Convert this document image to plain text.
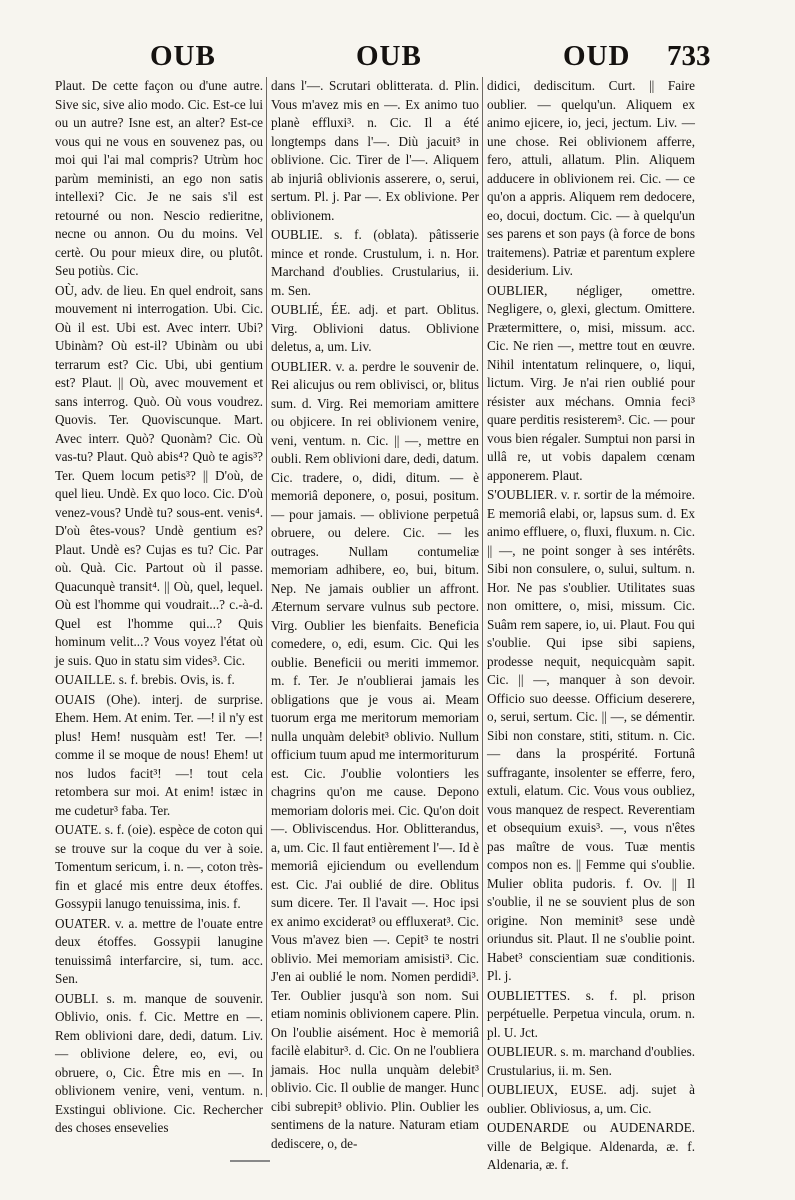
OUB	OUB	OUD 733

Plaut. De cette façon ou d'une autre. Sive sic, sive alio modo. Cic. Est-ce lui ou un autre? Isne est, an alter? Est-ce vous qui ne vous en souvenez pas, ou moi qui l'ai mal compris? Utrùm hoc parùm meministi, an ego non satis intellexi? Cic. Je ne sais s'il est retourné ou non. Nescio redieritne, necne ou annon. Ou du moins. Vel certè. Ou pour mieux dire, ou plutôt. Seu potiùs. Cic.

OÙ, adv. de lieu. En quel endroit, sans mouvement ni interrogation. Ubi. Cic. Où il est. Ubi est. Avec interr. Ubi? Ubinàm? Où est-il? Ubinàm ou ubi terrarum est? Cic. Ubi, ubi gentium est? Plaut. || Où, avec mouvement et sans interrog. Quò. Où vous voudrez. Quovis. Ter. Quoviscunque. Mart. Avec interr. Quò? Quonàm? Cic. Où vas-tu? Plaut. Quò abis⁴? Quò te agis³? Ter. Quem locum petis³? || D'où, de quel lieu. Undè. Ex quo loco. Cic. D'où venez-vous? Undè tu? sous-ent. venis⁴. D'où êtes-vous? Undè gentium es? Plaut. Undè es? Cujas es tu? Cic. Par où. Quà. Cic. Partout où il passe. Quacunquè transit⁴. || Où, quel, lequel. Où est l'homme qui voudrait...? c.-à-d. Quel est l'homme qui...? Quis hominum velit...? Vous voyez l'état où je suis. Quo in statu sim vides³. Cic.

OUAILLE. s. f. brebis. Ovis, is. f.

OUAIS (Ohe). interj. de surprise. Ehem. Hem. At enim. Ter. —! il n'y est plus! Hem! nusquàm est! Ter. —! comme il se moque de nous! Ehem! ut nos ludos facit³! —! tout cela retombera sur moi. At enim! istæc in me cudetur³ faba. Ter.

OUATE. s. f. (oie). espèce de coton qui se trouve sur la coque du ver à soie. Tomentum sericum, i. n. —, coton très-fin et glacé mis entre deux étoffes. Gossypii lanugo tenuissima, inis. f.

OUATER. v. a. mettre de l'ouate entre deux étoffes. Gossypii lanugine tenuissimâ interfarcire, si, tum. acc. Sen.

OUBLI. s. m. manque de souvenir. Oblivio, onis. f. Cic. Mettre en —. Rem oblivioni dare, dedi, datum. Liv. — oblivione delere, eo, evi, ou obruere, o, Cic. Être mis en —. In oblivionem venire, veni, ventum. n. Exstingui oblivione. Cic. Rechercher des choses ensevelies

dans l'—. Scrutari oblitterata. d. Plin. Vous m'avez mis en —. Ex animo tuo planè effluxi³. n. Cic. Il a été longtemps dans l'—. Diù jacuit³ in oblivione. Cic. Tirer de l'—. Aliquem ab injuriâ oblivionis asserere, o, serui, sertum. Pl. j. Par —. Ex oblivione. Per oblivionem.

OUBLIE. s. f. (oblata). pâtisserie mince et ronde. Crustulum, i. n. Hor. Marchand d'oublies. Crustularius, ii. m. Sen.

OUBLIÉ, ÉE. adj. et part. Oblitus. Virg. Oblivioni datus. Oblivione deletus, a, um. Liv.

OUBLIER. v. a. perdre le souvenir de. Rei alicujus ou rem oblivisci, or, blitus sum. d. Virg. Rei memoriam amittere ou objicere. In rei oblivionem venire, veni, ventum. n. Cic. || —, mettre en oubli. Rem oblivioni dare, dedi, datum. Cic. tradere, o, didi, ditum. — è memoriâ deponere, o, posui, positum. — pour jamais. — oblivione perpetuâ obruere, ou delere. Cic. — les outrages. Nullam contumeliæ memoriam adhibere, eo, bui, bitum. Nep. Ne jamais oublier un affront. Æternum servare vulnus sub pectore. Virg. Oublier les bienfaits. Beneficia comedere, o, edi, esum. Cic. Qui les oublie. Beneficii ou meriti immemor. m. f. Ter. Je n'oublierai jamais les obligations que je vous ai. Meam tuorum erga me meritorum memoriam nulla unquàm delebit³ oblivio. Nullum officium tuum apud me intermoriturum est. Cic. J'oublie volontiers les chagrins qu'on me cause. Depono memoriam doloris mei. Cic. Qu'on doit —. Obliviscendus. Hor. Oblitterandus, a, um. Cic. Il faut entièrement l'—. Id è memoriâ ejiciendum ou evellendum est. Cic. J'ai oublié de dire. Oblitus sum dicere. Ter. Il l'avait —. Hoc ipsi ex animo exciderat³ ou effluxerat³. Cic. Vous m'avez bien —. Cepit³ te nostri oblivio. Mei memoriam amisisti³. Cic. J'en ai oublié le nom. Nomen perdidi³. Ter. Oublier jusqu'à son nom. Sui etiam nominis oblivionem capere. Plin. On l'oublie aisément. Hoc è memoriâ facilè elabitur³. d. Cic. On ne l'oubliera jamais. Hoc nulla unquàm delebit³ oblivio. Cic. Il oublie de manger. Hunc cibi subrepit³ oblivio. Plin. Oublier les sentimens de la nature. Naturam etiam dediscere, o, de-

didici, dediscitum. Curt. || Faire oublier. — quelqu'un. Aliquem ex animo ejicere, io, jeci, jectum. Liv. — une chose. Rei oblivionem afferre, fero, attuli, allatum. Plin. Aliquem adducere in oblivionem rei. Cic. — ce qu'on a appris. Aliquem rem dedocere, eo, docui, doctum. Cic. — à quelqu'un ses parens et son pays (à force de bons traitemens). Patriæ et parentum explere desiderium. Liv.

OUBLIER, négliger, omettre. Negligere, o, glexi, glectum. Omittere. Prætermittere, o, misi, missum. acc. Cic. Ne rien —, mettre tout en œuvre. Nihil intentatum relinquere, o, liqui, lictum. Virg. Je n'ai rien oublié pour résister aux méchans. Omnia feci³ quare perditis resisterem³. Cic. — pour vous bien régaler. Sumptui non parsi in ullâ re, ut vobis dapalem cœnam apponerem. Plaut.

S'OUBLIER. v. r. sortir de la mémoire. E memoriâ elabi, or, lapsus sum. d. Ex animo effluere, o, fluxi, fluxum. n. Cic. || —, ne point songer à ses intérêts. Sibi non consulere, o, sului, sultum. n. Hor. Ne pas s'oublier. Utilitates suas non omittere, o, misi, missum. Cic. Suâm rem sapere, io, ui. Plaut. Fou qui s'oublie. Qui ipse sibi sapiens, prodesse nequit, nequicquàm sapit. Cic. || —, manquer à son devoir. Officio suo deesse. Officium deserere, o, serui, sertum. Cic. || —, se démentir. Sibi non constare, stiti, stitum. n. Cic. — dans la prospérité. Fortunâ suffragante, insolenter se efferre, fero, extuli, elatum. Cic. Vous vous oubliez, vous manquez de respect. Reverentiam et obsequium exuis³. —, vous n'êtes pas maître de vous. Tuæ mentis compos non es. || Femme qui s'oublie. Mulier oblita pudoris. f. Ov. || Il s'oublie, il ne se souvient plus de son origine. Non meminit³ sese undè oriundus sit. Plaut. Il ne s'oublie point. Habet³ conscientiam suæ conditionis. Pl. j.

OUBLIETTES. s. f. pl. prison perpétuelle. Perpetua vincula, orum. n. pl. U. Jct.

OUBLIEUR. s. m. marchand d'oublies. Crustularius, ii. m. Sen.

OUBLIEUX, EUSE. adj. sujet à oublier. Obliviosus, a, um. Cic.

OUDENARDE ou AUDENARDE. ville de Belgique. Aldenarda, æ. f. Aldenaria, æ. f.
